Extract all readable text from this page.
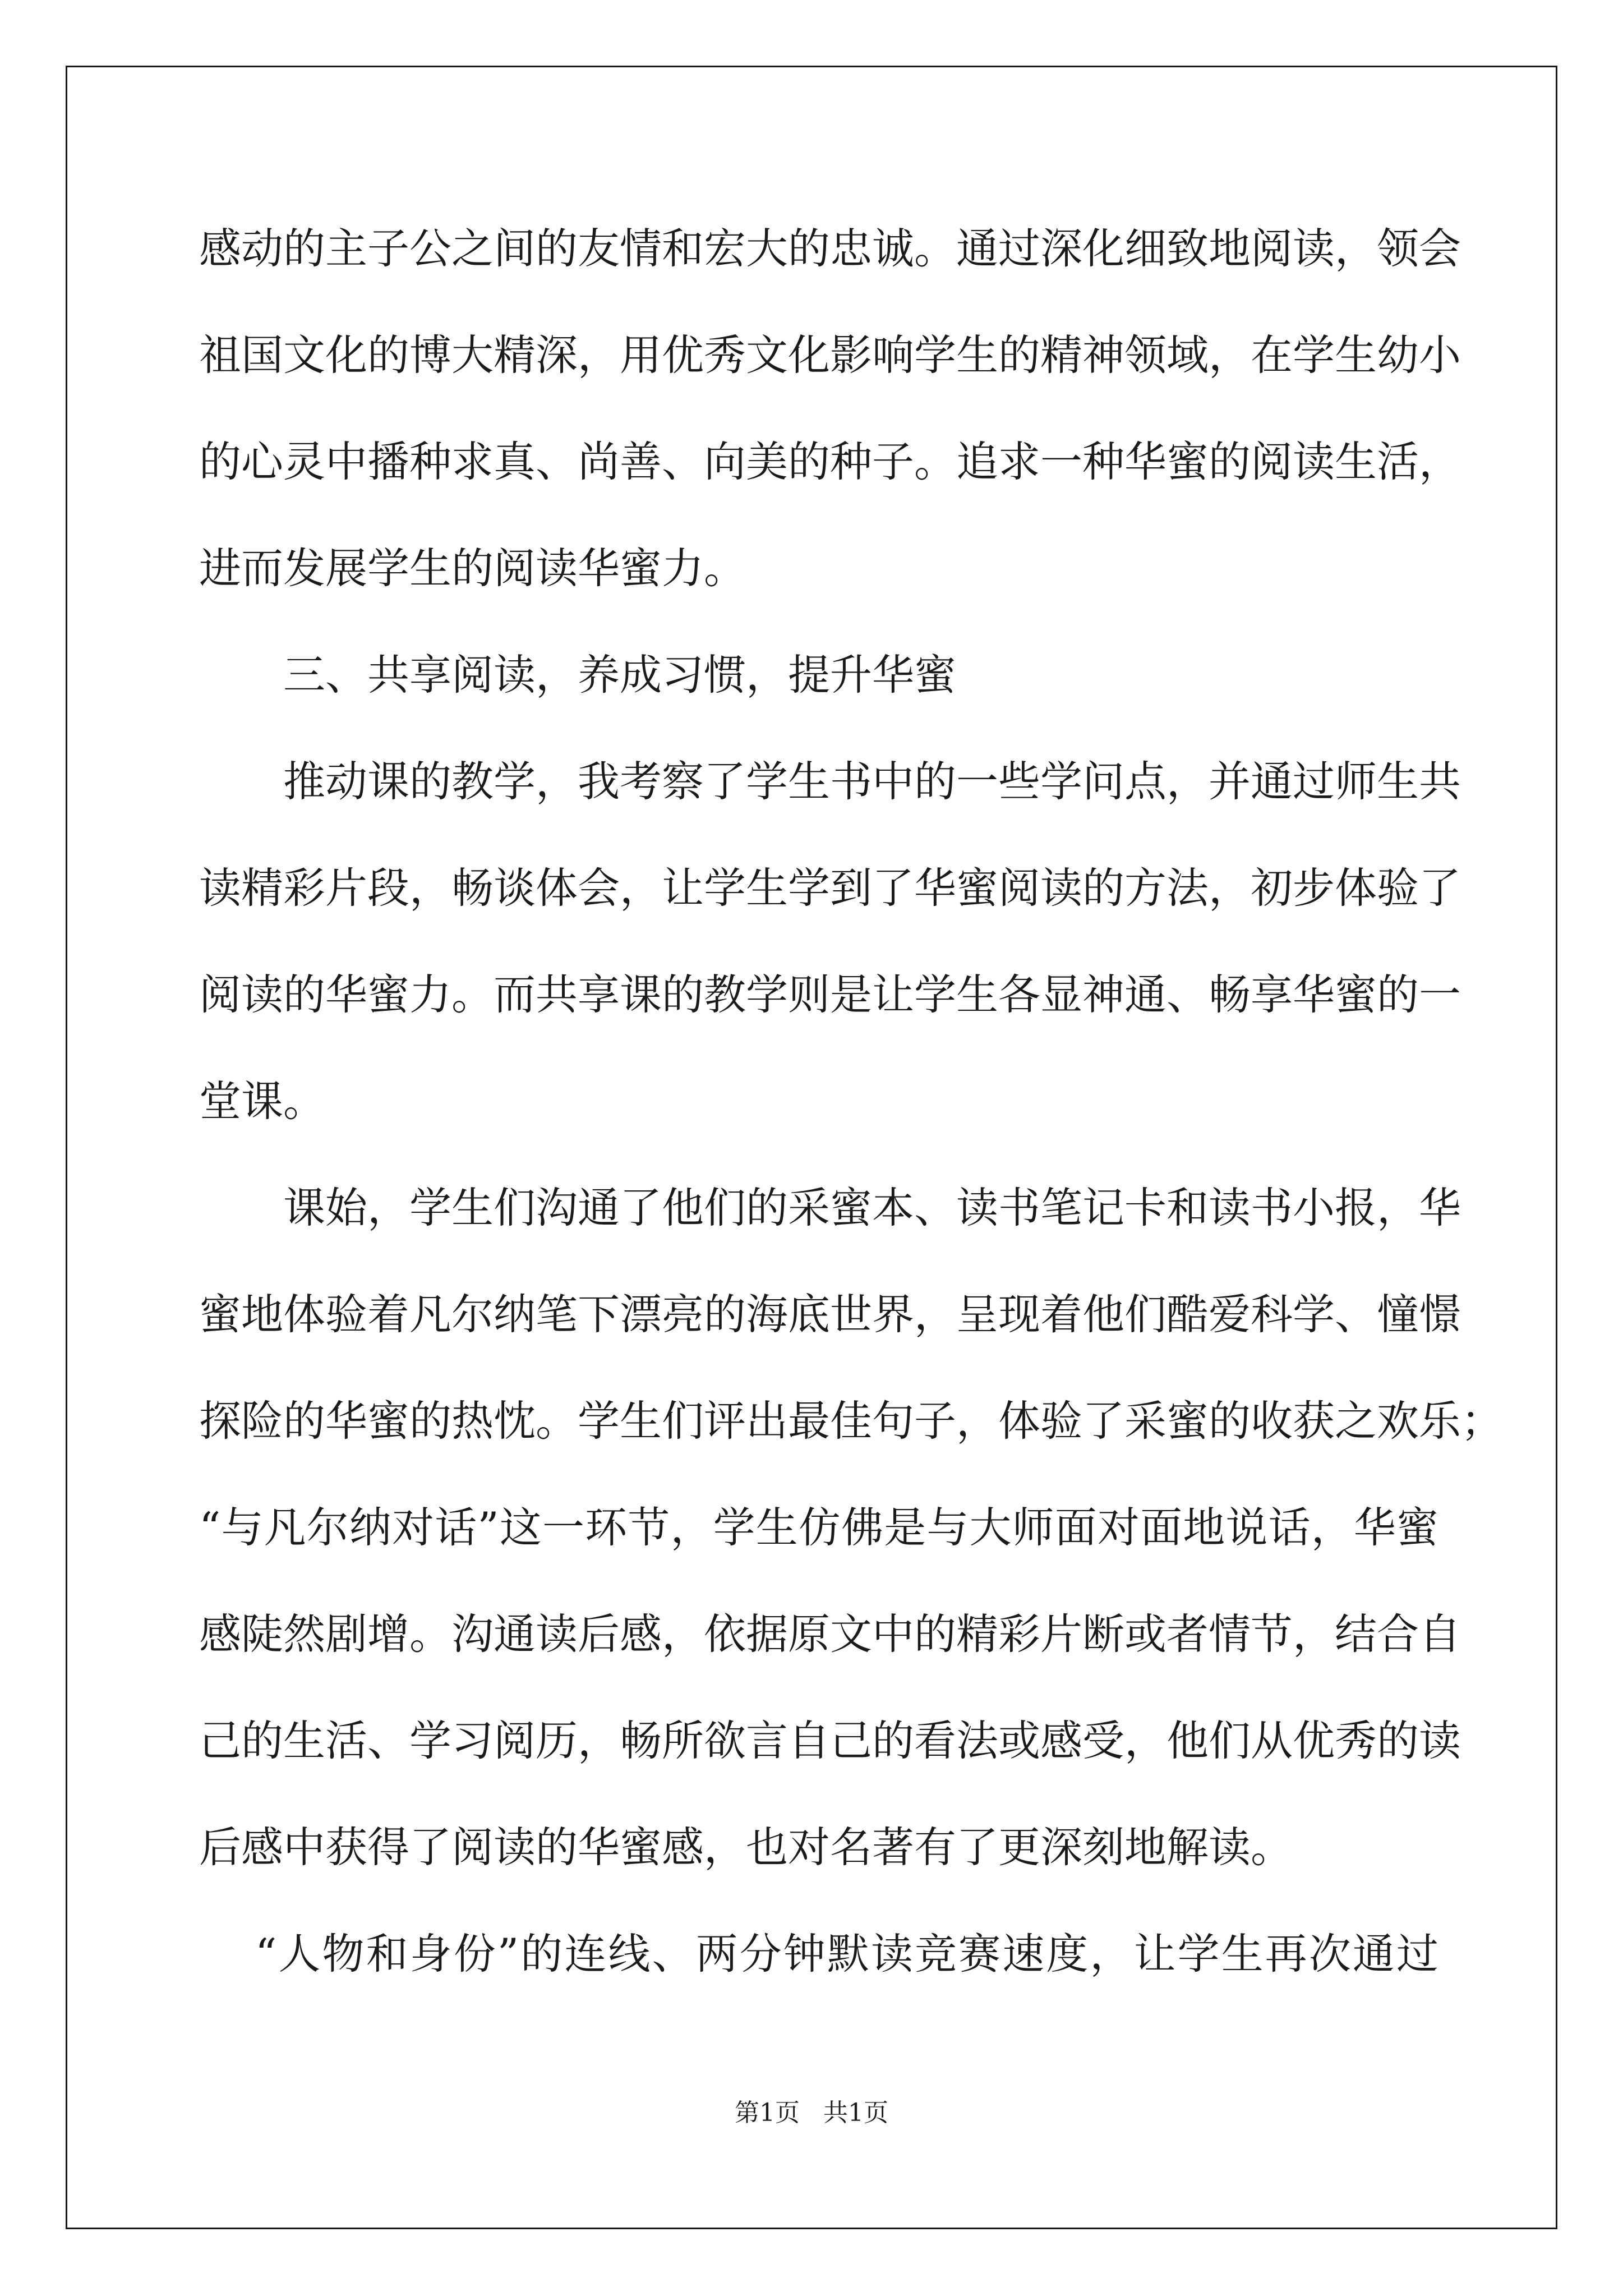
感动的主子公之间的友情和宏大的忠诚。通过深化细致地阅读，领会
祖国文化的博大精深，用优秀文化影响学生的精神领域，在学生幼小
的心灵中播种求真、尚善、向美的种子。追求一种华蜜的阅读生活，
进而发展学生的阅读华蜜力。
三、共享阅读，养成习惯，提升华蜜
推动课的教学，我考察了学生书中的一些学问点，并通过师生共
读精彩片段，畅谈体会，让学生学到了华蜜阅读的方法，初步体验了
阅读的华蜜力。而共享课的教学则是让学生各显神通、畅享华蜜的一
堂课。
课始，学生们沟通了他们的采蜜本、读书笔记卡和读书小报，华
蜜地体验着凡尔纳笔下漂亮的海底世界，呈现着他们酷爱科学、憧憬
探险的华蜜的热忱。学生们评出最佳句子，体验了采蜜的收获之欢乐；
“与凡尔纳对话”这一环节，学生仿佛是与大师面对面地说话，华蜜
感陡然剧增。沟通读后感，依据原文中的精彩片断或者情节，结合自
己的生活、学习阅历，畅所欲言自己的看法或感受，他们从优秀的读
后感中获得了阅读的华蜜感，也对名著有了更深刻地解读。
“人物和身份”的连线、两分钟默读竞赛速度，让学生再次通过
第1页   共1页
